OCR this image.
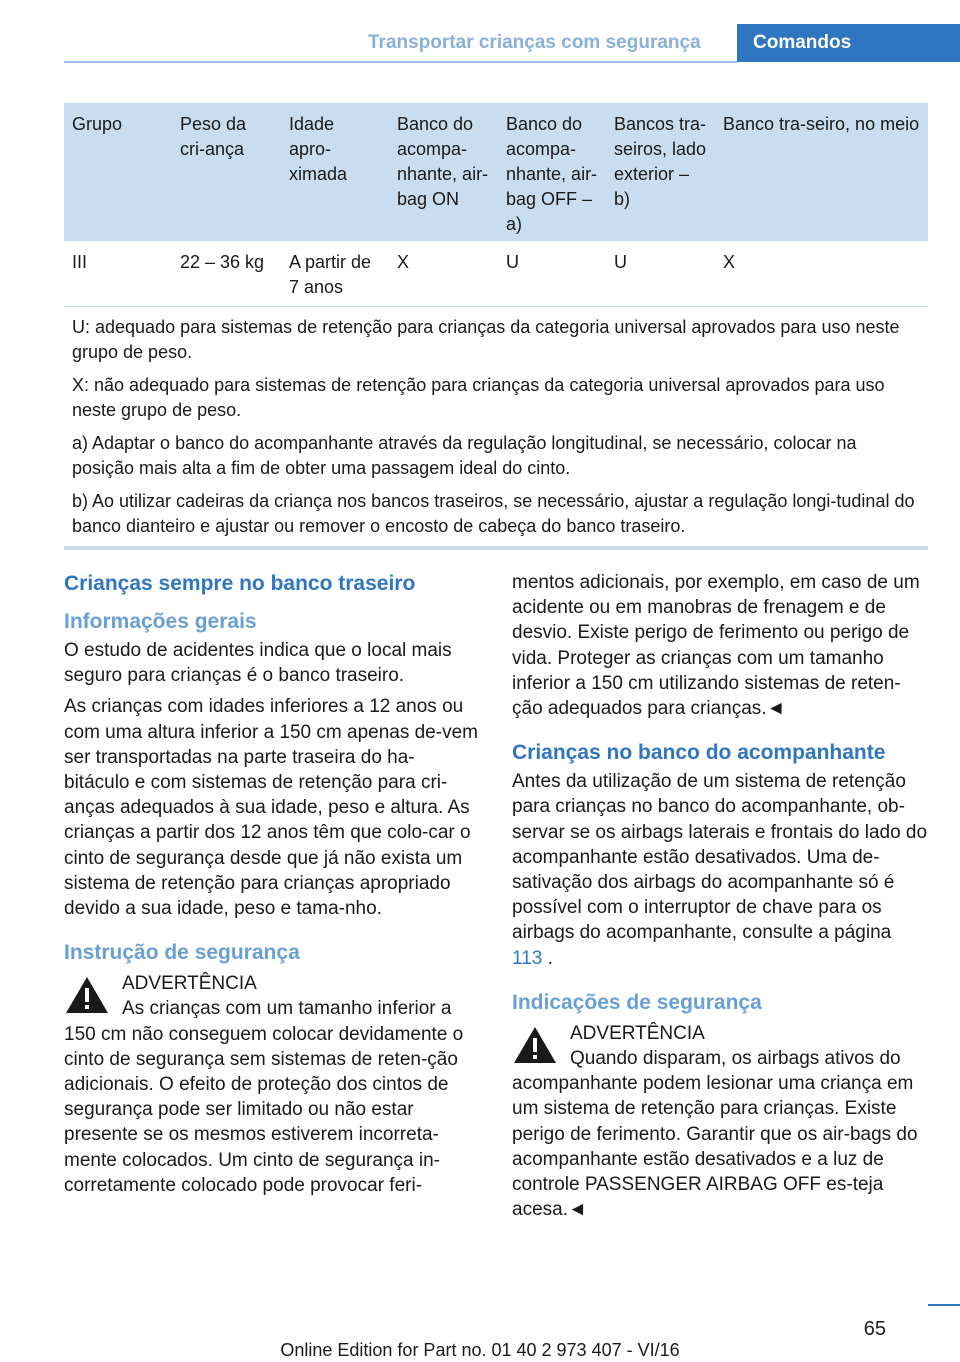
Transportar crianças com segurança	Comandos
Grupo	Peso da cri-ança	Idade apro-ximada	Banco do acompa-nhante, air-bag ON	Banco do acompa-nhante, air-bag OFF – a)	Bancos tra-seiros, lado exterior – b)	Banco tra-seiro, no meio
III	22 – 36 kg	A partir de 7 anos	X	U	U	X

U: adequado para sistemas de retenção para crianças da categoria universal aprovados para uso neste grupo de peso.

X: não adequado para sistemas de retenção para crianças da categoria universal aprovados para uso neste grupo de peso.

a) Adaptar o banco do acompanhante através da regulação longitudinal, se necessário, colocar na posição mais alta a fim de obter uma passagem ideal do cinto.

b) Ao utilizar cadeiras da criança nos bancos traseiros, se necessário, ajustar a regulação longi-tudinal do banco dianteiro e ajustar ou remover o encosto de cabeça do banco traseiro.						

Crianças sempre no banco traseiro
Informações gerais

O estudo de acidentes indica que o local mais seguro para crianças é o banco traseiro.

As crianças com idades inferiores a 12 anos ou com uma altura inferior a 150 cm apenas de-vem ser transportadas na parte traseira do ha-bitáculo e com sistemas de retenção para cri-anças adequados à sua idade, peso e altura. As crianças a partir dos 12 anos têm que colo-car o cinto de segurança desde que já não exista um sistema de retenção para crianças apropriado devido a sua idade, peso e tama-nho.

Instrução de segurança
ADVERTÊNCIA
As crianças com um tamanho inferior a 150 cm não conseguem colocar devidamente o cinto de segurança sem sistemas de reten-ção adicionais. O efeito de proteção dos cintos de segurança pode ser limitado ou não estar presente se os mesmos estiverem incorreta-mente colocados. Um cinto de segurança in-corretamente colocado pode provocar feri-

mentos adicionais, por exemplo, em caso de um acidente ou em manobras de frenagem e de desvio. Existe perigo de ferimento ou perigo de vida. Proteger as crianças com um tamanho inferior a 150 cm utilizando sistemas de reten-ção adequados para crianças.◄

Crianças no banco do acompanhante

Antes da utilização de um sistema de retenção para crianças no banco do acompanhante, ob-servar se os airbags laterais e frontais do lado do acompanhante estão desativados. Uma de-sativação dos airbags do acompanhante só é possível com o interruptor de chave para os airbags do acompanhante, consulte a página
113 .

Indicações de segurança
ADVERTÊNCIA
Quando disparam, os airbags ativos do acompanhante podem lesionar uma criança em um sistema de retenção para crianças. Existe perigo de ferimento. Garantir que os air-bags do acompanhante estão desativados e a luz de controle PASSENGER AIRBAG OFF es-teja acesa.◄
65
Online Edition for Part no. 01 40 2 973 407 - VI/16
